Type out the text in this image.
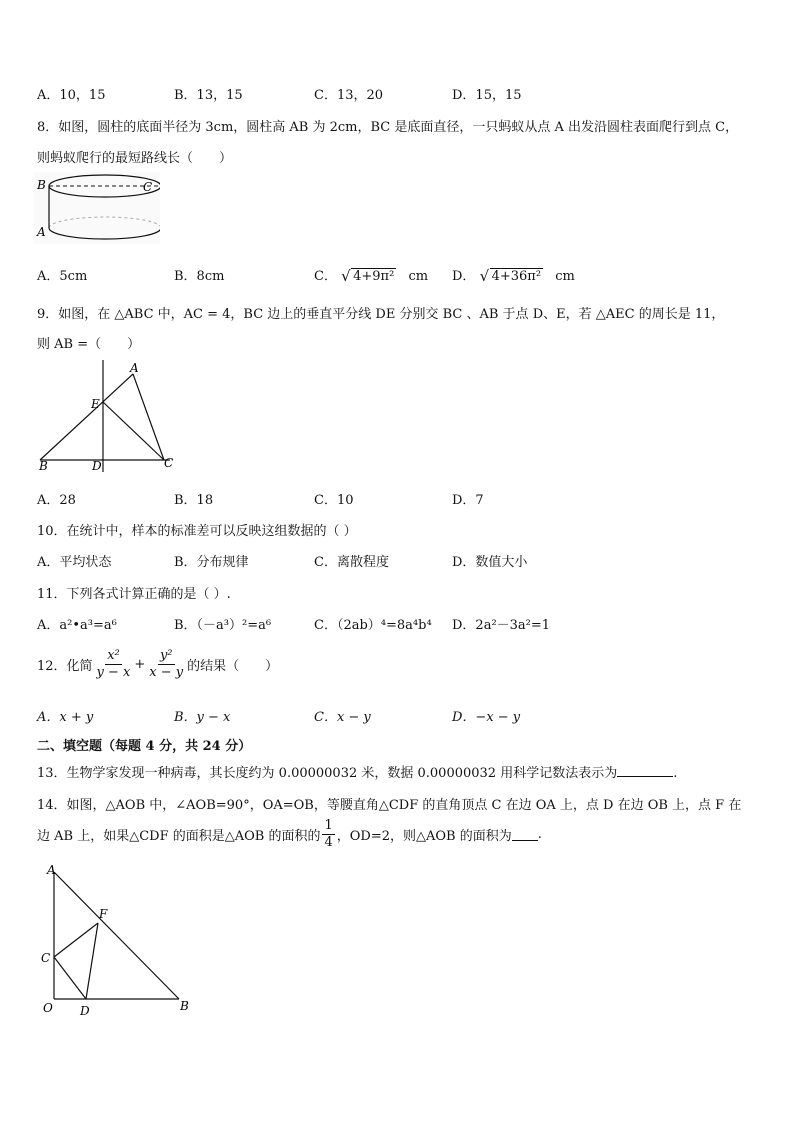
A．10，15	B．13，15	C．13，20	D．15，15
8．如图，圆柱的底面半径为 3cm，圆柱高 AB 为 2cm，BC 是底面直径，一只蚂蚁从点 A 出发沿圆柱表面爬行到点 C，
则蚂蚁爬行的最短路线长（　　）
B	C
A
A．5cm	B．8cm	C． √ 4+9π² cm D． √ 4+36π² cm
9．如图，在 △ABC 中，AC = 4，BC 边上的垂直平分线 DE 分别交 BC 、AB 于点 D、E，若 △AEC 的周长是 11，
则 AB =（　　）
A
E
B	D	C
A．28	B．18	C．10	D．7
10．在统计中，样本的标准差可以反映这组数据的（ ）
A．平均状态	B．分布规律	C．离散程度	D．数值大小
11．下列各式计算正确的是（ ）.
A．a²•a³=a⁶	B．（－a³）²=a⁶	C．（2ab）⁴=8a⁴b⁴ D．2a²－3a²=1
12．化简 $\frac{\text{x²}}{y - x} + \frac{\text{y²}}{x - y}$ 的结果（　　）
A．x + y	B．y − x	C．x − y	D．−x − y
二、填空题（每题 4 分，共 24 分）
13．生物学家发现一种病毒，其长度约为 0.00000032 米，数据 0.00000032 用科学记数法表示为	.
14．如图，△AOB 中，∠AOB=90°，OA=OB，等腰直角△CDF 的直角顶点 C 在边 OA 上，点 D 在边 OB 上，点 F 在
边 AB 上，如果△CDF 的面积是△AOB 的面积的 $\frac{1}{4}$ ，OD=2，则△AOB 的面积为 .
A
F
C
O D	B
